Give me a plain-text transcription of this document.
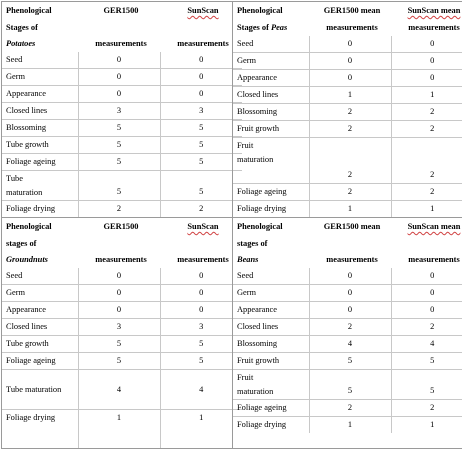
Phenological	GER1500	SunScan
Stages of		
Potatoes	measurements	measurements
Seed	0	0
Germ	0	0
Appearance	0	0
Closed lines	3	3
Blossoming	5	5
Tube growth	5	5
Foliage ageing	5	5
Tube
maturation	5	5
Foliage drying	2	2

Phenological	GER1500 mean	SunScan mean
Stages of Peas	measurements	measurements
Seed	0	0
Germ	0	0
Appearance	0	0
Closed lines	1	1
Blossoming	2	2
Fruit growth	2	2
Fruit
maturation	2	2
Foliage ageing	2	2
Foliage drying	1	1

Phenological	GER1500	SunScan
stages of		
Groundnuts	measurements	measurements
Seed	0	0
Germ	0	0
Appearance	0	0
Closed lines	3	3
Tube growth	5	5
Foliage ageing	5	5
Tube maturation	4	4
Foliage drying	1	1

Phenological	GER1500 mean	SunScan mean
stages of		
Beans	measurements	measurements
Seed	0	0
Germ	0	0
Appearance	0	0
Closed lines	2	2
Blossoming	4	4
Fruit growth	5	5
Fruit
maturation	5	5
Foliage ageing	2	2
Foliage drying	1	1
